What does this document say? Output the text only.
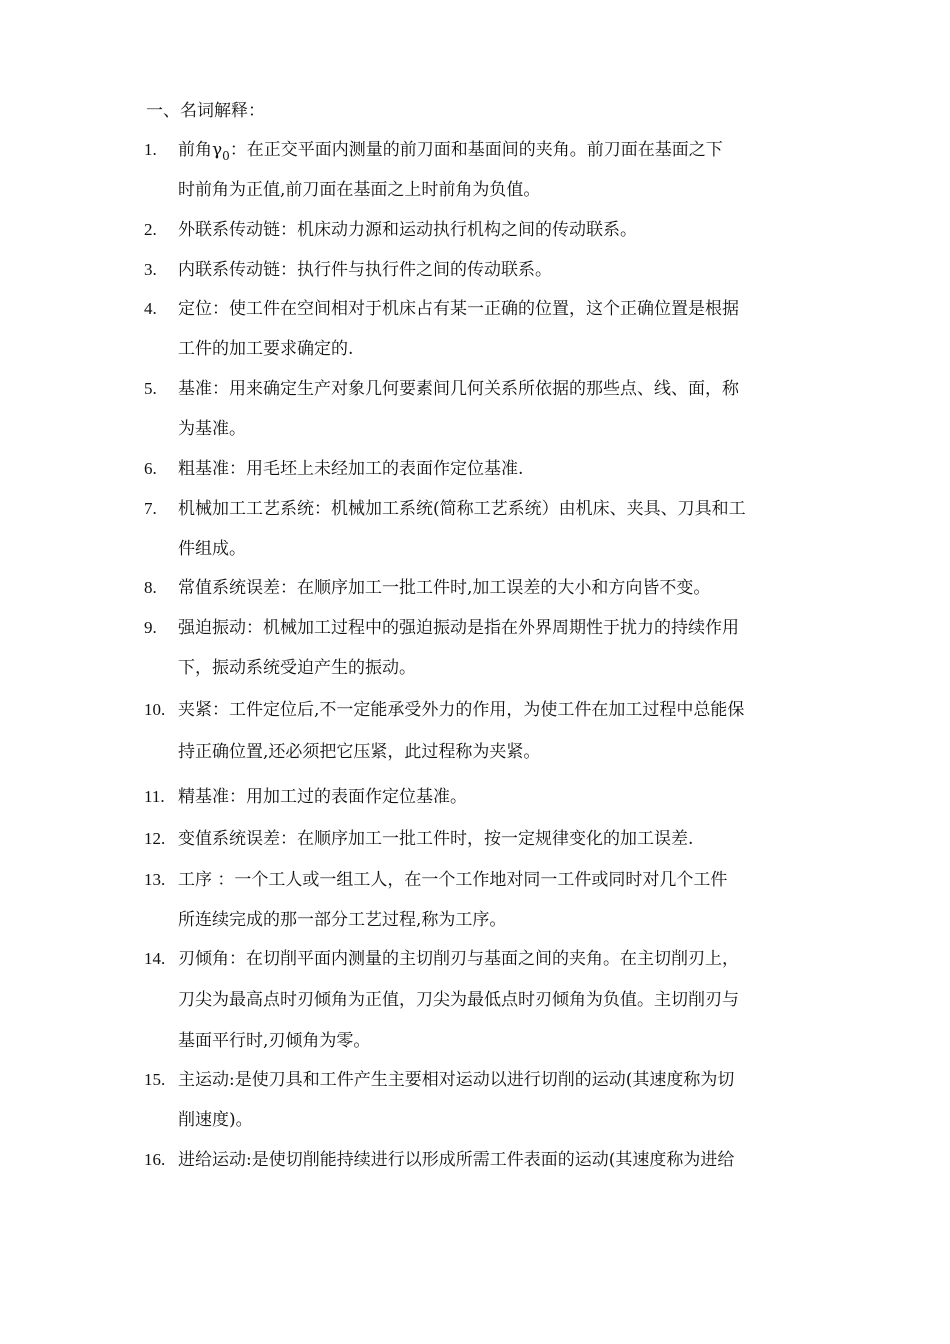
一、名词解释：
1. 前角$\gamma_0$：在正交平面内测量的前刀面和基面间的夹角。前刀面在基面之下
时前角为正值,前刀面在基面之上时前角为负值。
2. 外联系传动链：机床动力源和运动执行机构之间的传动联系。
3. 内联系传动链：执行件与执行件之间的传动联系。
4. 定位：使工件在空间相对于机床占有某一正确的位置，这个正确位置是根据
工件的加工要求确定的.
5. 基准：用来确定生产对象几何要素间几何关系所依据的那些点、线、面，称
为基准。
6. 粗基准：用毛坯上未经加工的表面作定位基准.
7. 机械加工工艺系统：机械加工系统(简称工艺系统）由机床、夹具、刀具和工
件组成。
8. 常值系统误差：在顺序加工一批工件时,加工误差的大小和方向皆不变。
9. 强迫振动：机械加工过程中的强迫振动是指在外界周期性于扰力的持续作用
下，振动系统受迫产生的振动。
10. 夹紧：工件定位后,不一定能承受外力的作用，为使工件在加工过程中总能保
持正确位置,还必须把它压紧，此过程称为夹紧。
11. 精基准：用加工过的表面作定位基准。
12. 变值系统误差：在顺序加工一批工件时，按一定规律变化的加工误差.
13. 工序 ：一个工人或一组工人，在一个工作地对同一工件或同时对几个工件
所连续完成的那一部分工艺过程,称为工序。
14. 刃倾角：在切削平面内测量的主切削刃与基面之间的夹角。在主切削刃上，
刀尖为最高点时刃倾角为正值，刀尖为最低点时刃倾角为负值。主切削刃与
基面平行时,刃倾角为零。
15. 主运动:是使刀具和工件产生主要相对运动以进行切削的运动(其速度称为切
削速度)。
16. 进给运动:是使切削能持续进行以形成所需工件表面的运动(其速度称为进给
